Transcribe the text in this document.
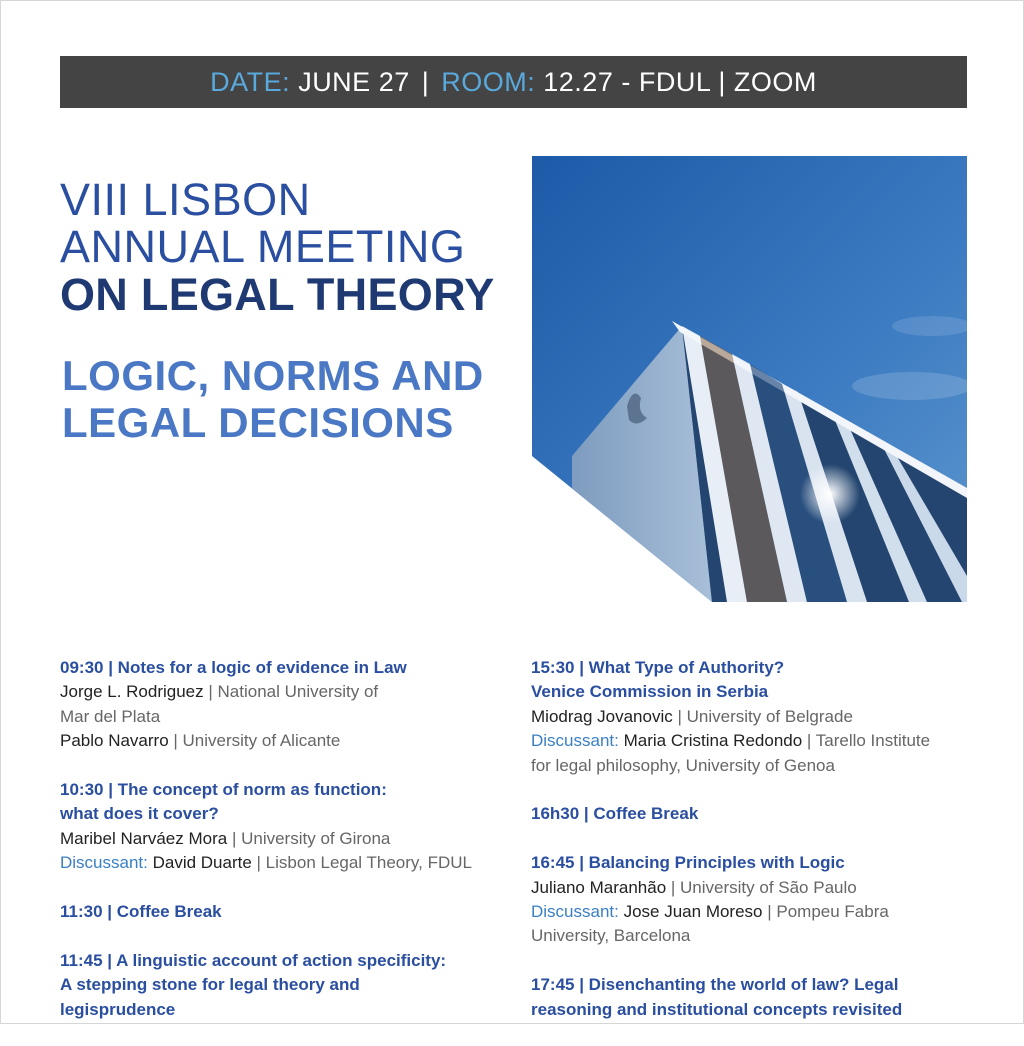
DATE:
JUNE 27 | ROOM:
12.27 - FDUL | ZOOM
VIII LISBON
ANNUAL MEETING
ON LEGAL THEORY
LOGIC, NORMS AND
LEGAL DECISIONS
09:30 | Notes for a logic of evidence in Law
Jorge L. Rodriguez | National University of
Mar del Plata
Pablo Navarro | University of Alicante
10:30 | The concept of norm as function:
what does it cover?
Maribel Narváez Mora | University of Girona
Discussant: David Duarte | Lisbon Legal Theory, FDUL
11:30 | Coffee Break
11:45 | A linguistic account of action specificity:
A stepping stone for legal theory and
legisprudence
15:30 | What Type of Authority?
Venice Commission in Serbia
Miodrag Jovanovic | University of Belgrade
Discussant: Maria Cristina Redondo | Tarello Institute
for legal philosophy, University of Genoa
16h30 | Coffee Break
16:45 | Balancing Principles with Logic
Juliano Maranhão | University of São Paulo
Discussant: Jose Juan Moreso | Pompeu Fabra
University, Barcelona
17:45 | Disenchanting the world of law? Legal
reasoning and institutional concepts revisited
